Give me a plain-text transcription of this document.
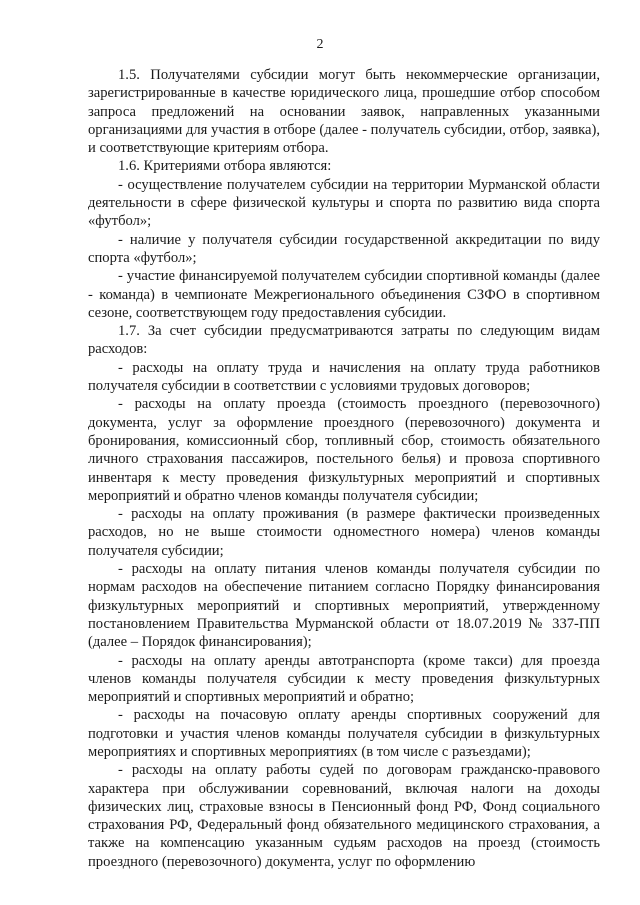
2

1.5. Получателями субсидии могут быть некоммерческие организации, зарегистрированные в качестве юридического лица, прошедшие отбор способом запроса предложений на основании заявок, направленных указанными организациями для участия в отборе (далее - получатель субсидии, отбор, заявка), и соответствующие критериям отбора.

1.6. Критериями отбора являются:

- осуществление получателем субсидии на территории Мурманской области деятельности в сфере физической культуры и спорта по развитию вида спорта «футбол»;

- наличие у получателя субсидии государственной аккредитации по виду спорта «футбол»;

- участие финансируемой получателем субсидии спортивной команды (далее - команда) в чемпионате Межрегионального объединения СЗФО в спортивном сезоне, соответствующем году предоставления субсидии.

1.7. За счет субсидии предусматриваются затраты по следующим видам расходов:

- расходы на оплату труда и начисления на оплату труда работников получателя субсидии в соответствии с условиями трудовых договоров;

- расходы на оплату проезда (стоимость проездного (перевозочного) документа, услуг за оформление проездного (перевозочного) документа и бронирования, комиссионный сбор, топливный сбор, стоимость обязательного личного страхования пассажиров, постельного белья) и провоза спортивного инвентаря к месту проведения физкультурных мероприятий и спортивных мероприятий и обратно членов команды получателя субсидии;

- расходы на оплату проживания (в размере фактически произведенных расходов, но не выше стоимости одноместного номера) членов команды получателя субсидии;

- расходы на оплату питания членов команды получателя субсидии по нормам расходов на обеспечение питанием согласно Порядку финансирования физкультурных мероприятий и спортивных мероприятий, утвержденному постановлением Правительства Мурманской области от 18.07.2019 № 337-ПП (далее – Порядок финансирования);

- расходы на оплату аренды автотранспорта (кроме такси) для проезда членов команды получателя субсидии к месту проведения физкультурных мероприятий и спортивных мероприятий и обратно;

- расходы на почасовую оплату аренды спортивных сооружений для подготовки и участия членов команды получателя субсидии в физкультурных мероприятиях и спортивных мероприятиях (в том числе с разъездами);

- расходы на оплату работы судей по договорам гражданско-правового характера при обслуживании соревнований, включая налоги на доходы физических лиц, страховые взносы в Пенсионный фонд РФ, Фонд социального страхования РФ, Федеральный фонд обязательного медицинского страхования, а также на компенсацию указанным судьям расходов на проезд (стоимость проездного (перевозочного) документа, услуг по оформлению
